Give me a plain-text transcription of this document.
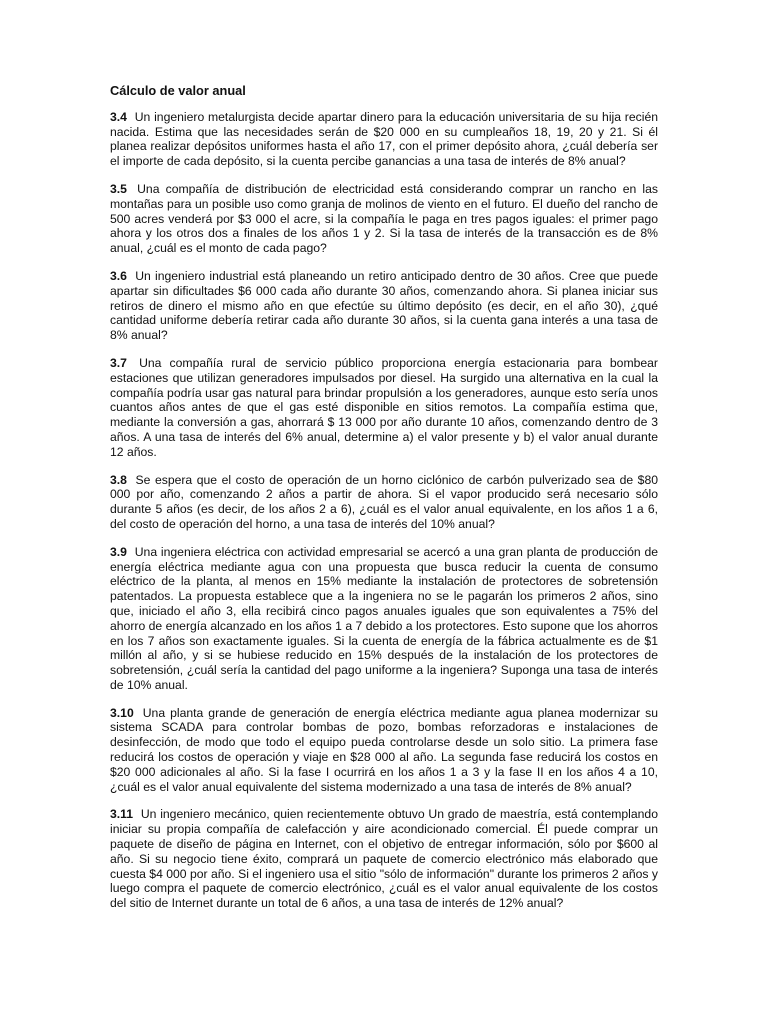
Cálculo de valor anual
3.4 Un ingeniero metalurgista decide apartar dinero para la educación universitaria de su hija recién nacida. Estima que las necesidades serán de $20 000 en su cumpleaños 18, 19, 20 y 21. Si él planea realizar depósitos uniformes hasta el año 17, con el primer depósito ahora, ¿cuál debería ser el importe de cada depósito, si la cuenta percibe ganancias a una tasa de interés de 8% anual?
3.5 Una compañía de distribución de electricidad está considerando comprar un rancho en las montañas para un posible uso como granja de molinos de viento en el futuro. El dueño del rancho de 500 acres venderá por $3 000 el acre, si la compañía le paga en tres pagos iguales: el primer pago ahora y los otros dos a finales de los años 1 y 2. Si la tasa de interés de la transacción es de 8% anual, ¿cuál es el monto de cada pago?
3.6 Un ingeniero industrial está planeando un retiro anticipado dentro de 30 años. Cree que puede apartar sin dificultades $6 000 cada año durante 30 años, comenzando ahora. Si planea iniciar sus retiros de dinero el mismo año en que efectúe su último depósito (es decir, en el año 30), ¿qué cantidad uniforme debería retirar cada año durante 30 años, si la cuenta gana interés a una tasa de 8% anual?
3.7 Una compañía rural de servicio público proporciona energía estacionaria para bombear estaciones que utilizan generadores impulsados por diesel. Ha surgido una alternativa en la cual la compañía podría usar gas natural para brindar propulsión a los generadores, aunque esto sería unos cuantos años antes de que el gas esté disponible en sitios remotos. La compañía estima que, mediante la conversión a gas, ahorrará $ 13 000 por año durante 10 años, comenzando dentro de 3 años. A una tasa de interés del 6% anual, determine a) el valor presente y b) el valor anual durante 12 años.
3.8 Se espera que el costo de operación de un horno ciclónico de carbón pulverizado sea de $80 000 por año, comenzando 2 años a partir de ahora. Si el vapor producido será necesario sólo durante 5 años (es decir, de los años 2 a 6), ¿cuál es el valor anual equivalente, en los años 1 a 6, del costo de operación del horno, a una tasa de interés del 10% anual?
3.9 Una ingeniera eléctrica con actividad empresarial se acercó a una gran planta de producción de energía eléctrica mediante agua con una propuesta que busca reducir la cuenta de consumo eléctrico de la planta, al menos en 15% mediante la instalación de protectores de sobretensión patentados. La propuesta establece que a la ingeniera no se le pagarán los primeros 2 años, sino que, iniciado el año 3, ella recibirá cinco pagos anuales iguales que son equivalentes a 75% del ahorro de energía alcanzado en los años 1 a 7 debido a los protectores. Esto supone que los ahorros en los 7 años son exactamente iguales. Si la cuenta de energía de la fábrica actualmente es de $1 millón al año, y si se hubiese reducido en 15% después de la instalación de los protectores de sobretensión, ¿cuál sería la cantidad del pago uniforme a la ingeniera? Suponga una tasa de interés de 10% anual.
3.10 Una planta grande de generación de energía eléctrica mediante agua planea modernizar su sistema SCADA para controlar bombas de pozo, bombas reforzadoras e instalaciones de desinfección, de modo que todo el equipo pueda controlarse desde un solo sitio. La primera fase reducirá los costos de operación y viaje en $28 000 al año. La segunda fase reducirá los costos en $20 000 adicionales al año. Si la fase I ocurrirá en los años 1 a 3 y la fase II en los años 4 a 10, ¿cuál es el valor anual equivalente del sistema modernizado a una tasa de interés de 8% anual?
3.11 Un ingeniero mecánico, quien recientemente obtuvo Un grado de maestría, está contemplando iniciar su propia compañía de calefacción y aire acondicionado comercial. Él puede comprar un paquete de diseño de página en Internet, con el objetivo de entregar información, sólo por $600 al año. Si su negocio tiene éxito, comprará un paquete de comercio electrónico más elaborado que cuesta $4 000 por año. Si el ingeniero usa el sitio "sólo de información" durante los primeros 2 años y luego compra el paquete de comercio electrónico, ¿cuál es el valor anual equivalente de los costos del sitio de Internet durante un total de 6 años, a una tasa de interés de 12% anual?
